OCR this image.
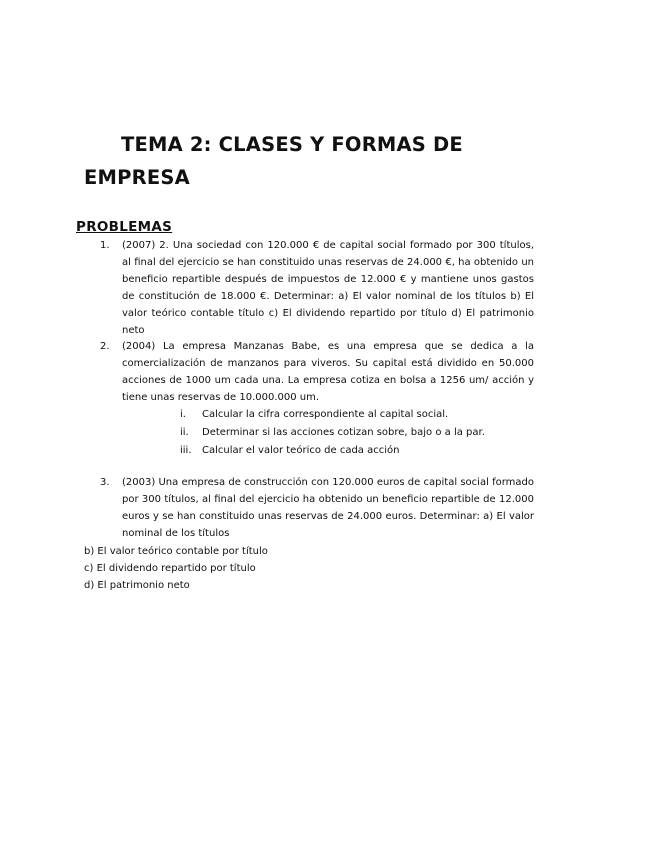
TEMA 2: CLASES Y FORMAS DE EMPRESA
PROBLEMAS
1.	(2007) 2. Una sociedad con 120.000 € de capital social formado por 300 títulos, al final del ejercicio se han constituido unas reservas de 24.000 €, ha obtenido un beneficio repartible después de impuestos de 12.000 € y mantiene unos gastos de constitución de 18.000 €. Determinar: a) El valor nominal de los títulos b) El valor teórico contable título c) El dividendo repartido por título d) El patrimonio neto
2.	(2004) La empresa Manzanas Babe, es una empresa que se dedica a la comercialización de manzanos para viveros. Su capital está dividido en 50.000 acciones de 1000 um cada una. La empresa cotiza en bolsa a 1256 um/ acción y tiene unas reservas de 10.000.000 um.
i. Calcular la cifra correspondiente al capital social.
ii. Determinar si las acciones cotizan sobre, bajo o a la par.
iii. Calcular el valor teórico de cada acción
3.	(2003) Una empresa de construcción con 120.000 euros de capital social formado por 300 títulos, al final del ejercicio ha obtenido un beneficio repartible de 12.000 euros y se han constituido unas reservas de 24.000 euros. Determinar: a) El valor nominal de los títulos
b) El valor teórico contable por título
c) El dividendo repartido por título
d) El patrimonio neto
